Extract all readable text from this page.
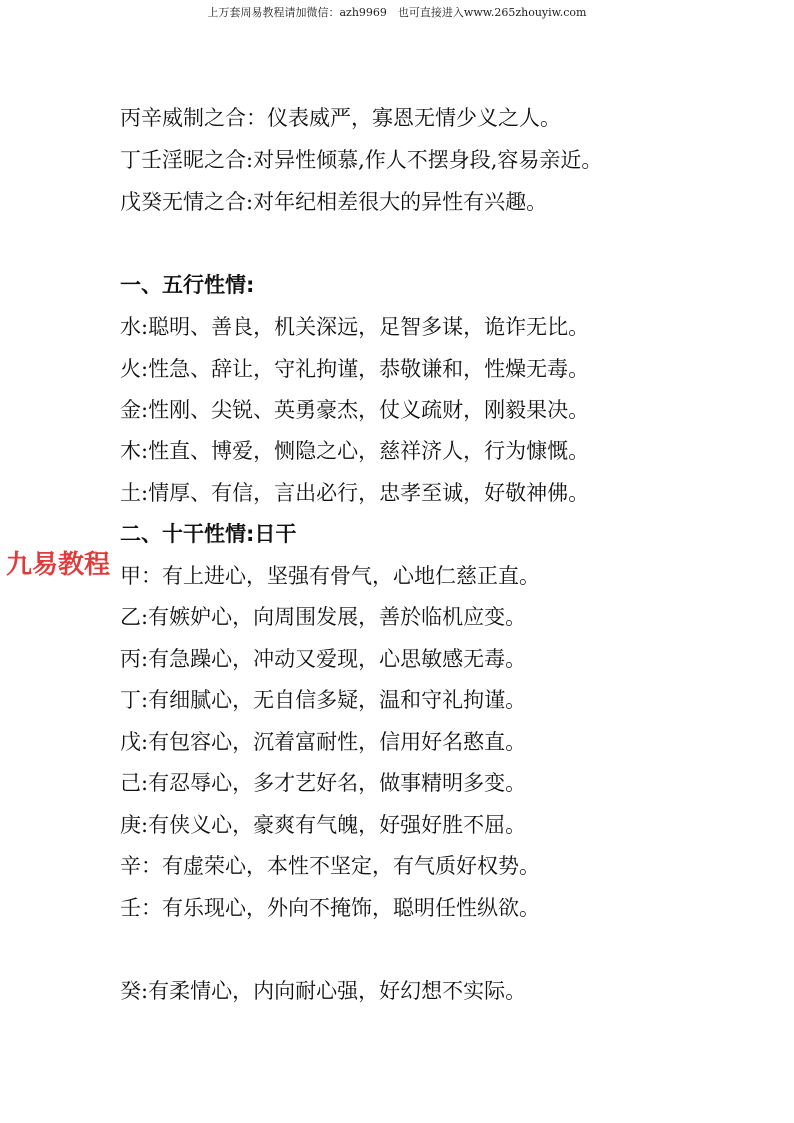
上万套周易教程请加微信：azh9969　也可直接进入www.265zhouyiw.com
丙辛威制之合：仪表威严，寡恩无情少义之人。
丁壬淫昵之合:对异性倾慕,作人不摆身段,容易亲近。
戊癸无情之合:对年纪相差很大的异性有兴趣。
一、五行性情:
水:聪明、善良，机关深远，足智多谋，诡诈无比。
火:性急、辞让，守礼拘谨，恭敬谦和，性燥无毒。
金:性刚、尖锐、英勇豪杰，仗义疏财，刚毅果决。
木:性直、博爱，恻隐之心，慈祥济人，行为慷慨。
土:情厚、有信，言出必行，忠孝至诚，好敬神佛。
二、十干性情:日干
甲：有上进心，坚强有骨气，心地仁慈正直。
乙:有嫉妒心，向周围发展，善於临机应变。
丙:有急躁心，冲动又爱现，心思敏感无毒。
丁:有细腻心，无自信多疑，温和守礼拘谨。
戊:有包容心，沉着富耐性，信用好名憨直。
己:有忍辱心，多才艺好名，做事精明多变。
庚:有侠义心，豪爽有气魄，好强好胜不屈。
辛：有虚荣心，本性不坚定，有气质好权势。
壬：有乐现心，外向不掩饰，聪明任性纵欲。
癸:有柔情心，内向耐心强，好幻想不实际。
九易教程
